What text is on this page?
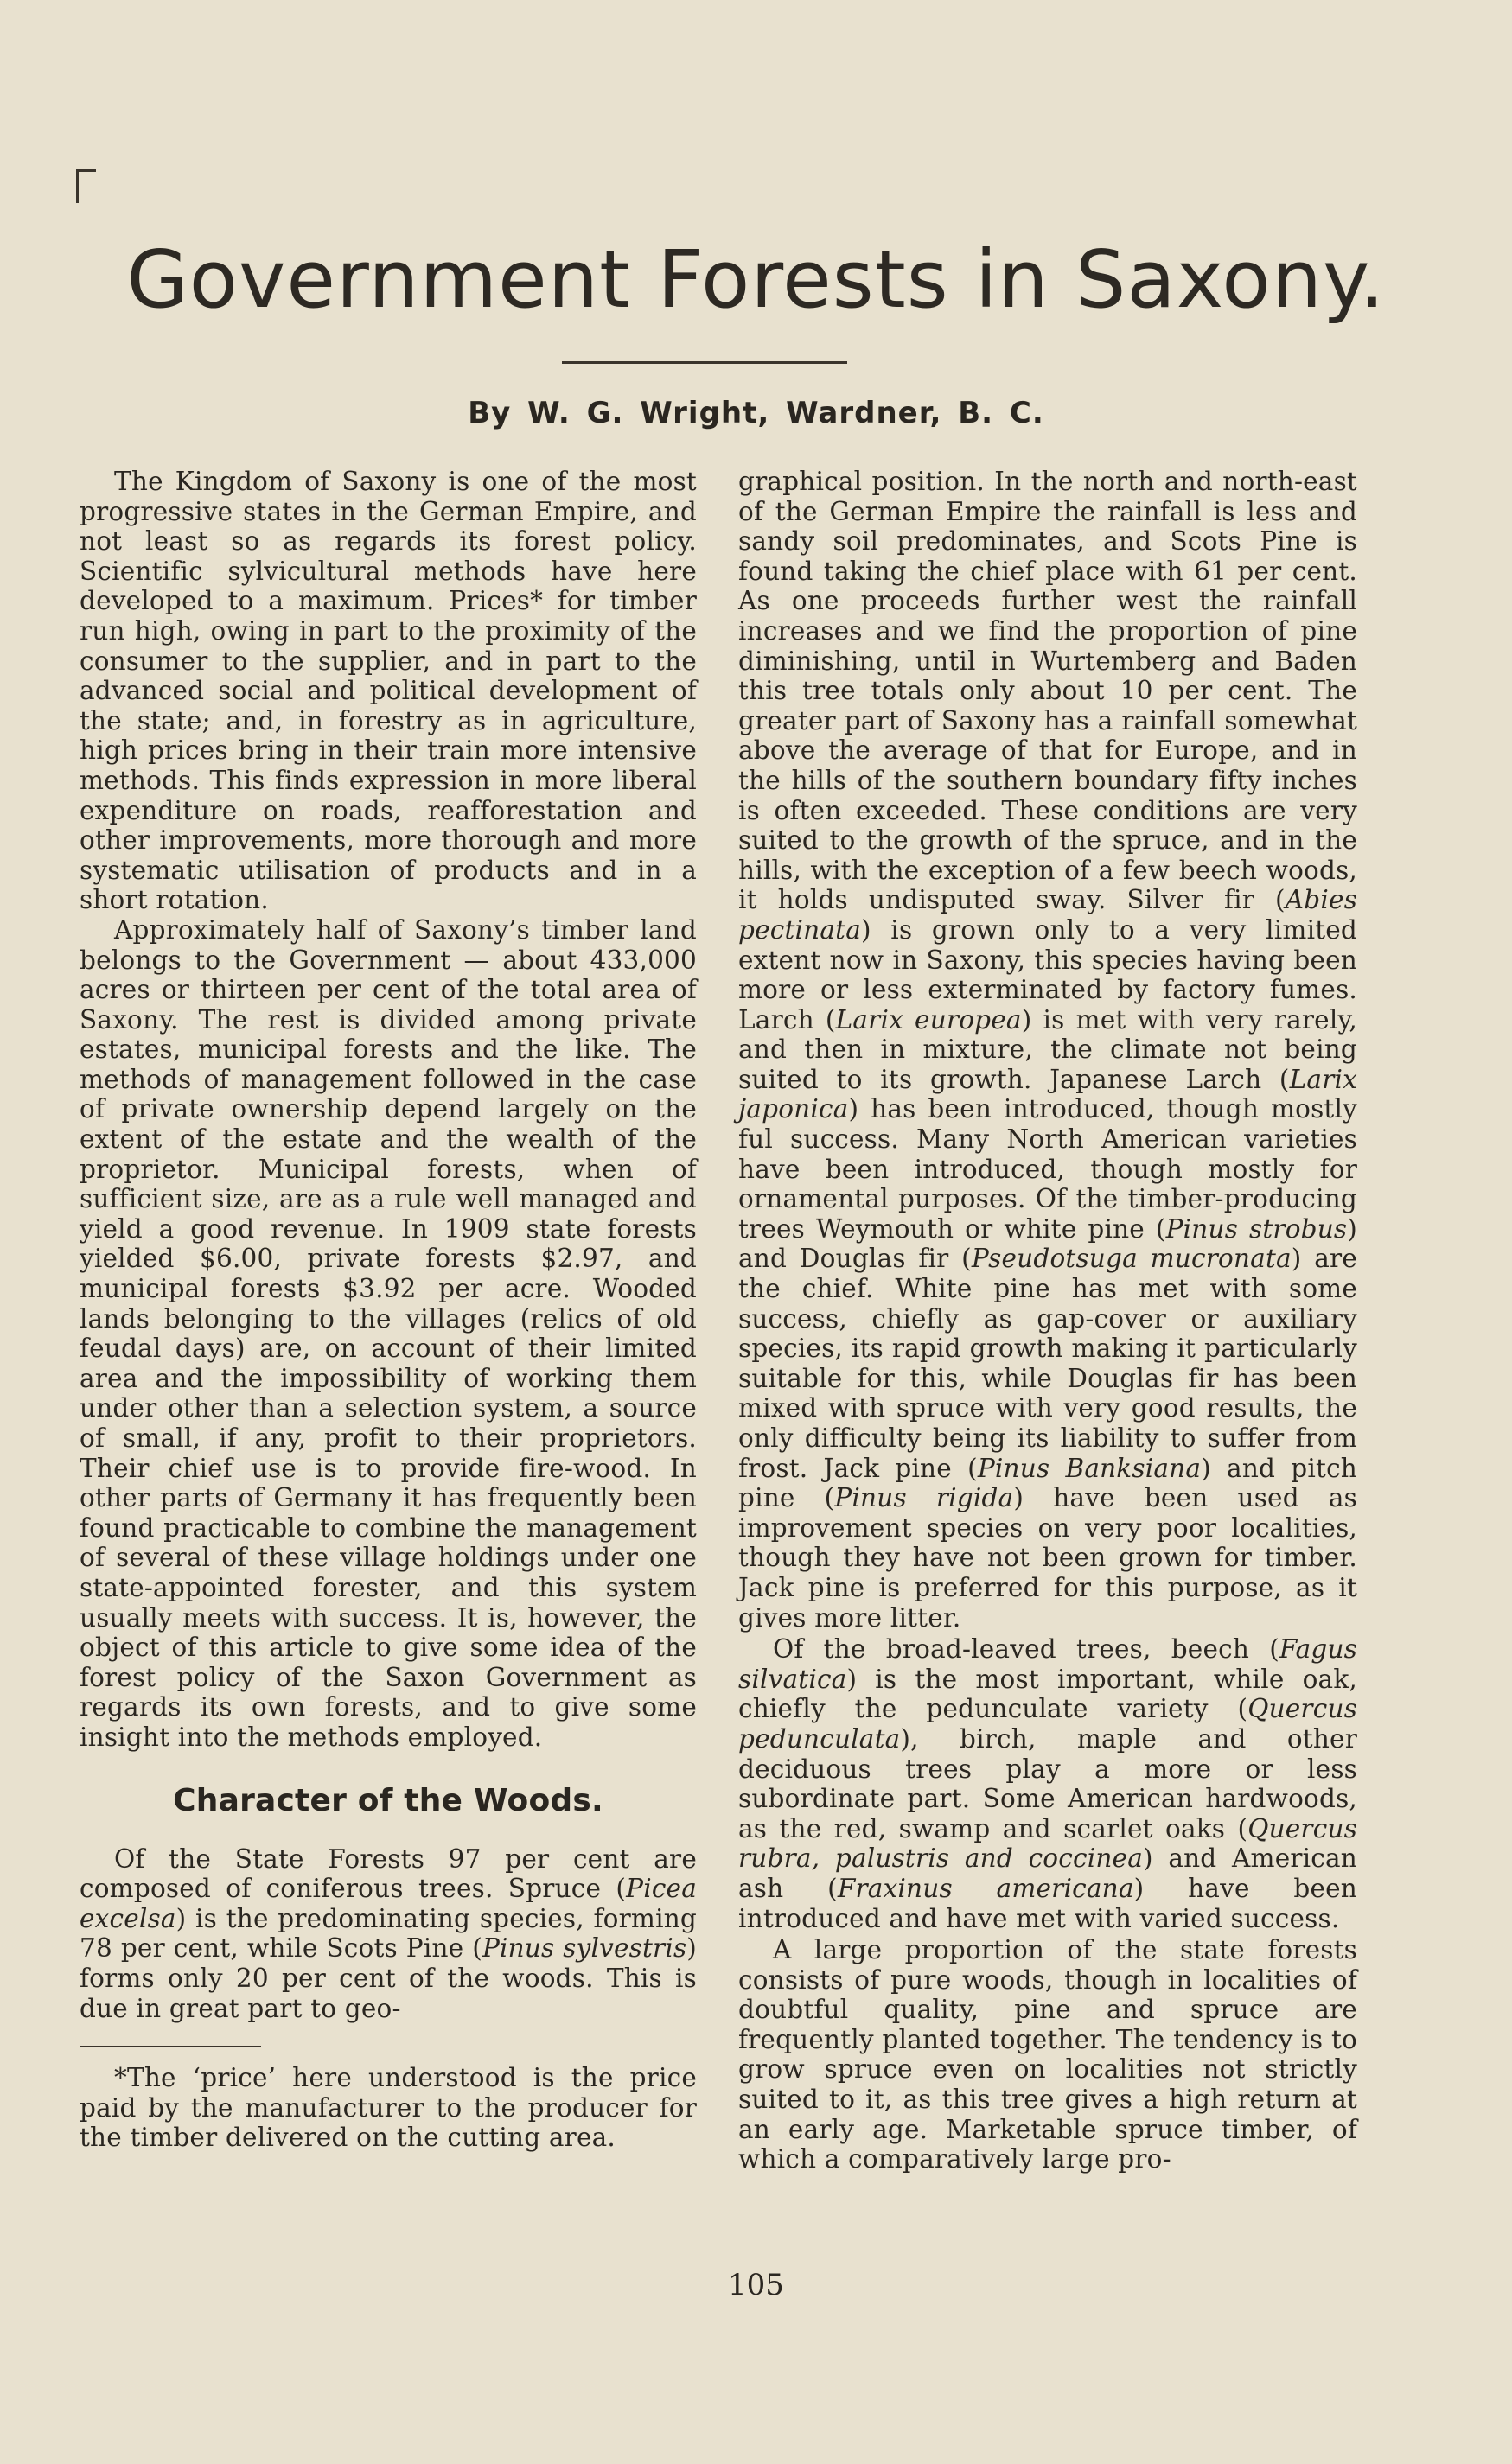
Government Forests in Saxony.
By W. G. Wright, Wardner, B. C.

The Kingdom of Saxony is one of the most progressive states in the German Empire, and not least so as regards its forest policy. Scientific sylvicultural methods have here developed to a maximum. Prices* for timber run high, owing in part to the proximity of the consumer to the supplier, and in part to the advanced social and political development of the state; and, in forestry as in agriculture, high prices bring in their train more intensive methods. This finds expression in more liberal expenditure on roads, reafforestation and other improvements, more thorough and more systematic utilisation of products and in a short rotation.

Approximately half of Saxony’s timber land belongs to the Government — about 433,000 acres or thirteen per cent of the total area of Saxony. The rest is divided among private estates, municipal forests and the like. The methods of management followed in the case of private ownership depend largely on the extent of the estate and the wealth of the proprietor. Municipal forests, when of sufficient size, are as a rule well managed and yield a good revenue. In 1909 state forests yielded $6.00, private forests $2.97, and municipal forests $3.92 per acre. Wooded lands belonging to the villages (relics of old feudal days) are, on account of their limited area and the impossibility of working them under other than a selection system, a source of small, if any, profit to their proprietors. Their chief use is to provide fire-wood. In other parts of Germany it has frequently been found practicable to combine the management of several of these village holdings under one state-appointed forester, and this system usually meets with success. It is, however, the object of this article to give some idea of the forest policy of the Saxon Government as regards its own forests, and to give some insight into the methods employed.

Character of the Woods.

Of the State Forests 97 per cent are composed of coniferous trees. Spruce (Picea excelsa) is the predominating species, forming 78 per cent, while Scots Pine (Pinus sylvestris) forms only 20 per cent of the woods. This is due in great part to geo-

*The ‘price’ here understood is the price paid by the manufacturer to the producer for the timber delivered on the cutting area.

graphical position. In the north and north-east of the German Empire the rainfall is less and sandy soil predominates, and Scots Pine is found taking the chief place with 61 per cent. As one proceeds further west the rainfall increases and we find the proportion of pine diminishing, until in Wurtemberg and Baden this tree totals only about 10 per cent. The greater part of Saxony has a rainfall somewhat above the average of that for Europe, and in the hills of the southern boundary fifty inches is often exceeded. These conditions are very suited to the growth of the spruce, and in the hills, with the exception of a few beech woods, it holds undisputed sway. Silver fir (Abies pectinata) is grown only to a very limited extent now in Saxony, this species having been more or less exterminated by factory fumes. Larch (Larix europea) is met with very rarely, and then in mixture, the climate not being suited to its growth. Japanese Larch (Larix japonica) has been introduced, though mostly ful success. Many North American varieties have been introduced, though mostly for ornamental purposes. Of the timber-producing trees Weymouth or white pine (Pinus strobus) and Douglas fir (Pseudotsuga mucronata) are the chief. White pine has met with some success, chiefly as gap-cover or auxiliary species, its rapid growth making it particularly suitable for this, while Douglas fir has been mixed with spruce with very good results, the only difficulty being its liability to suffer from frost. Jack pine (Pinus Banksiana) and pitch pine (Pinus rigida) have been used as improvement species on very poor localities, though they have not been grown for timber. Jack pine is preferred for this purpose, as it gives more litter.

Of the broad-leaved trees, beech (Fagus silvatica) is the most important, while oak, chiefly the pedunculate variety (Quercus pedunculata), birch, maple and other deciduous trees play a more or less subordinate part. Some American hardwoods, as the red, swamp and scarlet oaks (Quercus rubra, palustris and coccinea) and American ash (Fraxinus americana) have been introduced and have met with varied success.

A large proportion of the state forests consists of pure woods, though in localities of doubtful quality, pine and spruce are frequently planted together. The tendency is to grow spruce even on localities not strictly suited to it, as this tree gives a high return at an early age. Marketable spruce timber, of which a comparatively large pro-

105
